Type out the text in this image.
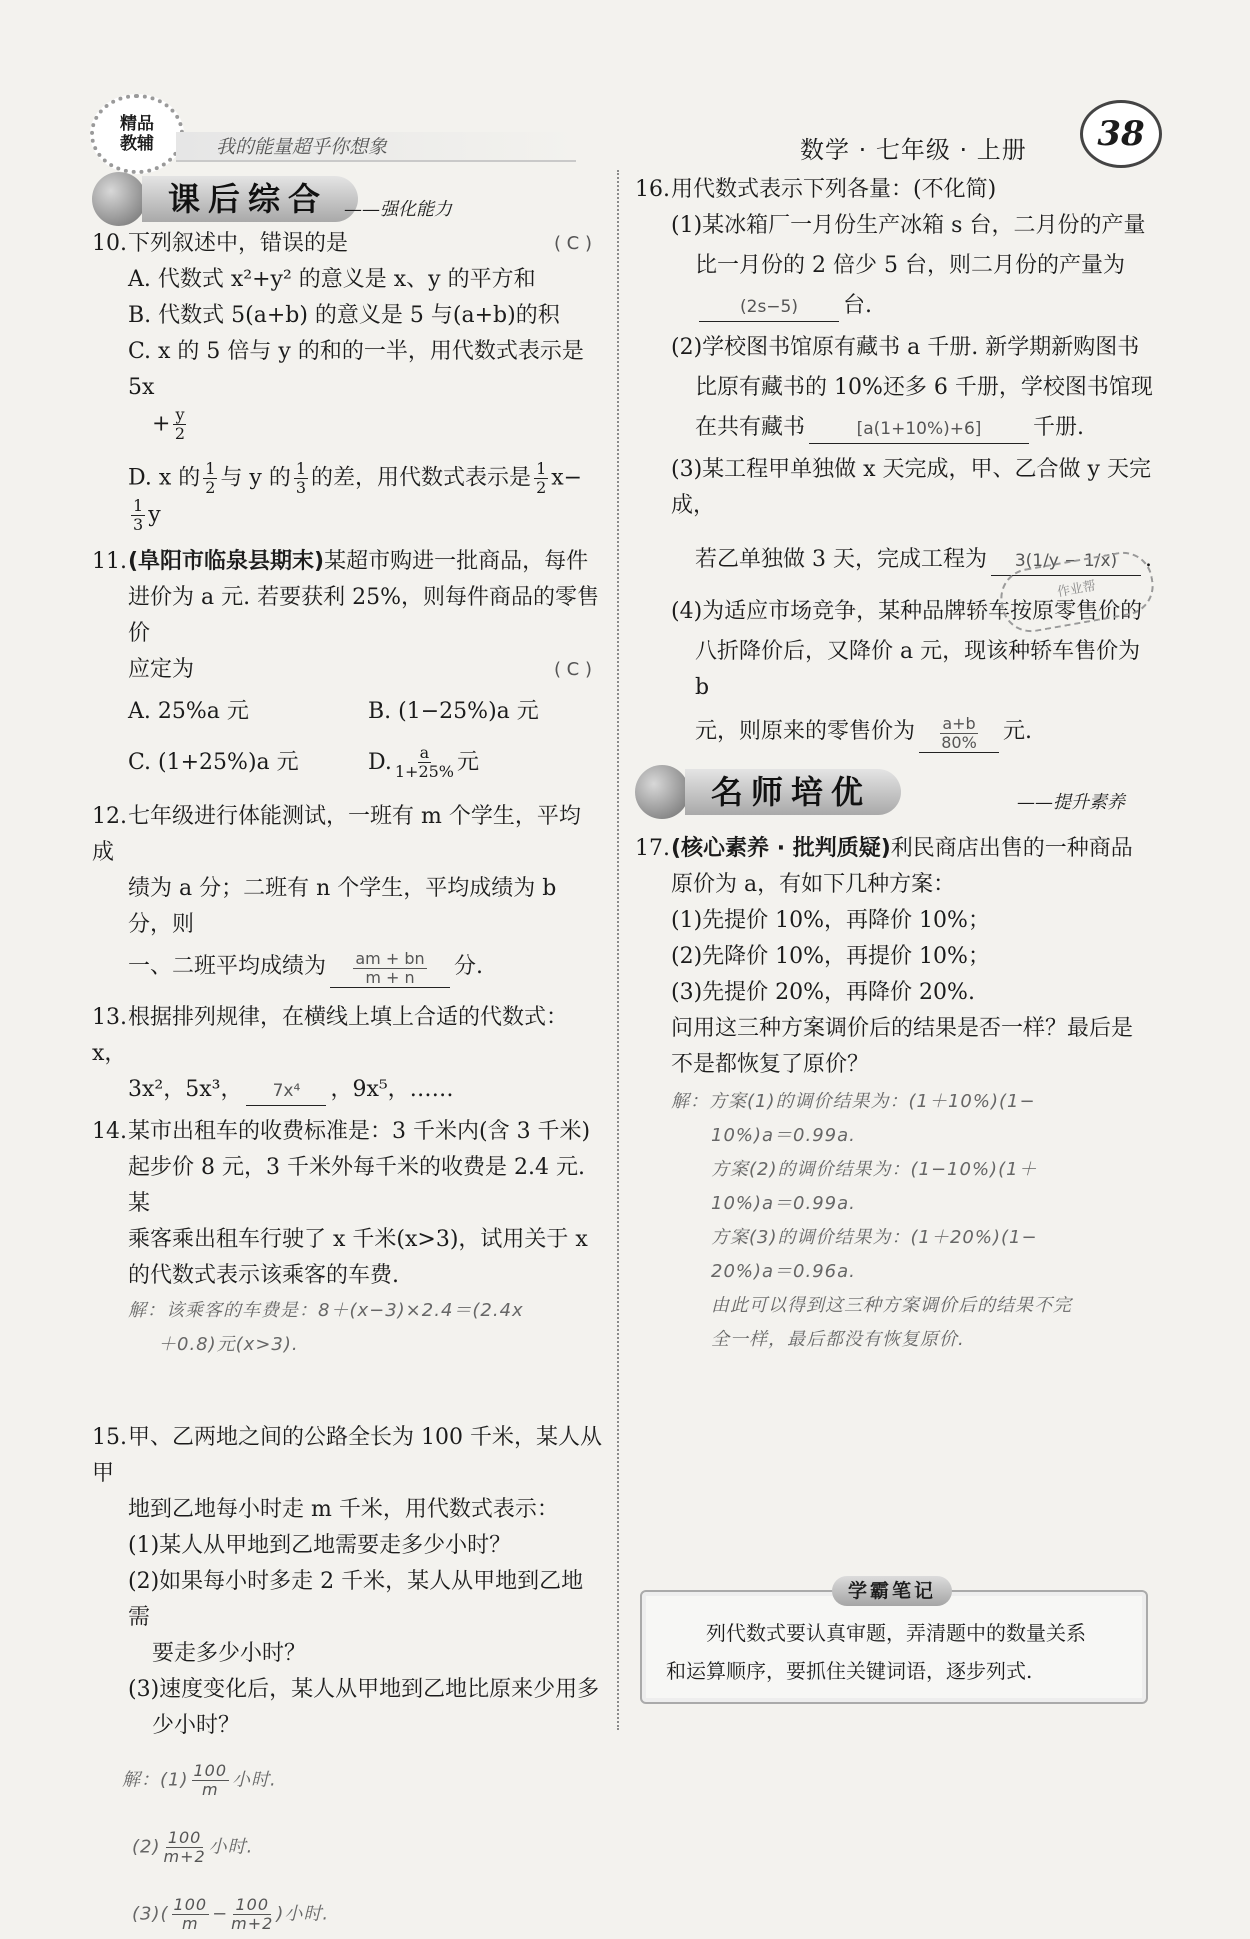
精品
教辅	我的能量超乎你想象	数学 · 七年级 · 上册	38
课后综合 ——强化能力
10.下列叙述中，错误的是	( C )
A. 代数式 x²+y² 的意义是 x、y 的平方和
B. 代数式 5(a+b) 的意义是 5 与(a+b)的积
C. x 的 5 倍与 y 的和的一半，用代数式表示是 5x
+ $\frac{y}{2}$
D. x 的 $\frac{1}{2}$ 与 y 的 $\frac{1}{3}$ 的差，用代数式表示是 $\frac{1}{2} x-$
$\frac{1}{3}$ y
11.(阜阳市临泉县期末)某超市购进一批商品，每件
进价为 a 元. 若要获利 25%，则每件商品的零售价
应定为	( C )
A. 25%a 元	B. (1−25%)a 元
C. (1+25%)a 元	D. $\frac{a}{1+25\%}$ 元
12.七年级进行体能测试，一班有 m 个学生，平均成
绩为 a 分；二班有 n 个学生，平均成绩为 b 分，则
一、二班平均成绩为 $\frac{am + bn}{m + n}$ 分.
13.根据排列规律，在横线上填上合适的代数式：x，
3x²，5x³， 7x⁴ ，9x⁵，……
14.某市出租车的收费标准是：3 千米内(含 3 千米)
起步价 8 元，3 千米外每千米的收费是 2.4 元. 某
乘客乘出租车行驶了 x 千米(x>3)，试用关于 x
的代数式表示该乘客的车费.
解：该乘客的车费是：8＋(x−3)×2.4＝(2.4x
＋0.8)元(x>3).
15.甲、乙两地之间的公路全长为 100 千米，某人从甲
地到乙地每小时走 m 千米，用代数式表示：
(1)某人从甲地到乙地需要走多少小时？
(2)如果每小时多走 2 千米，某人从甲地到乙地需
要走多少小时？
(3)速度变化后，某人从甲地到乙地比原来少用多
少小时？
解：$(1) \frac{100}{m}$ 小时.
$(2) \frac{100}{m+2}$ 小时.
$(3)( \frac{100}{m} - \frac{100}{m+2}$ )小时.
16.用代数式表示下列各量：(不化简)
(1)某冰箱厂一月份生产冰箱 s 台，二月份的产量
比一月份的 2 倍少 5 台，则二月份的产量为
(2s−5) 台.
(2)学校图书馆原有藏书 a 千册. 新学期新购图书
比原有藏书的 10%还多 6 千册，学校图书馆现
在共有藏书	[a(1+10%)+6] 千册.
(3)某工程甲单独做 x 天完成，甲、乙合做 y 天完成，
若乙单独做 3 天，完成工程为 3(1/y − 1/x) .
(4)为适应市场竞争，某种品牌轿车按原零售价的
八折降价后，又降价 a 元，现该种轿车售价为 b
元，则原来的零售价为 $\frac{a+b}{80\%}$ 元.
名师培优	——提升素养
17.(核心素养 · 批判质疑)利民商店出售的一种商品
原价为 a，有如下几种方案：
(1)先提价 10%，再降价 10%；
(2)先降价 10%，再提价 10%；
(3)先提价 20%，再降价 20%.
问用这三种方案调价后的结果是否一样？最后是
不是都恢复了原价？
解：方案(1)的调价结果为：(1＋10%)(1−
10%)a＝0.99a.
方案(2)的调价结果为：(1−10%)(1＋
10%)a＝0.99a.
方案(3)的调价结果为：(1＋20%)(1−
20%)a＝0.96a.
由此可以得到这三种方案调价后的结果不完
全一样，最后都没有恢复原价.
作业帮
学霸笔记
列代数式要认真审题，弄清题中的数量关系
和运算顺序，要抓住关键词语，逐步列式.
